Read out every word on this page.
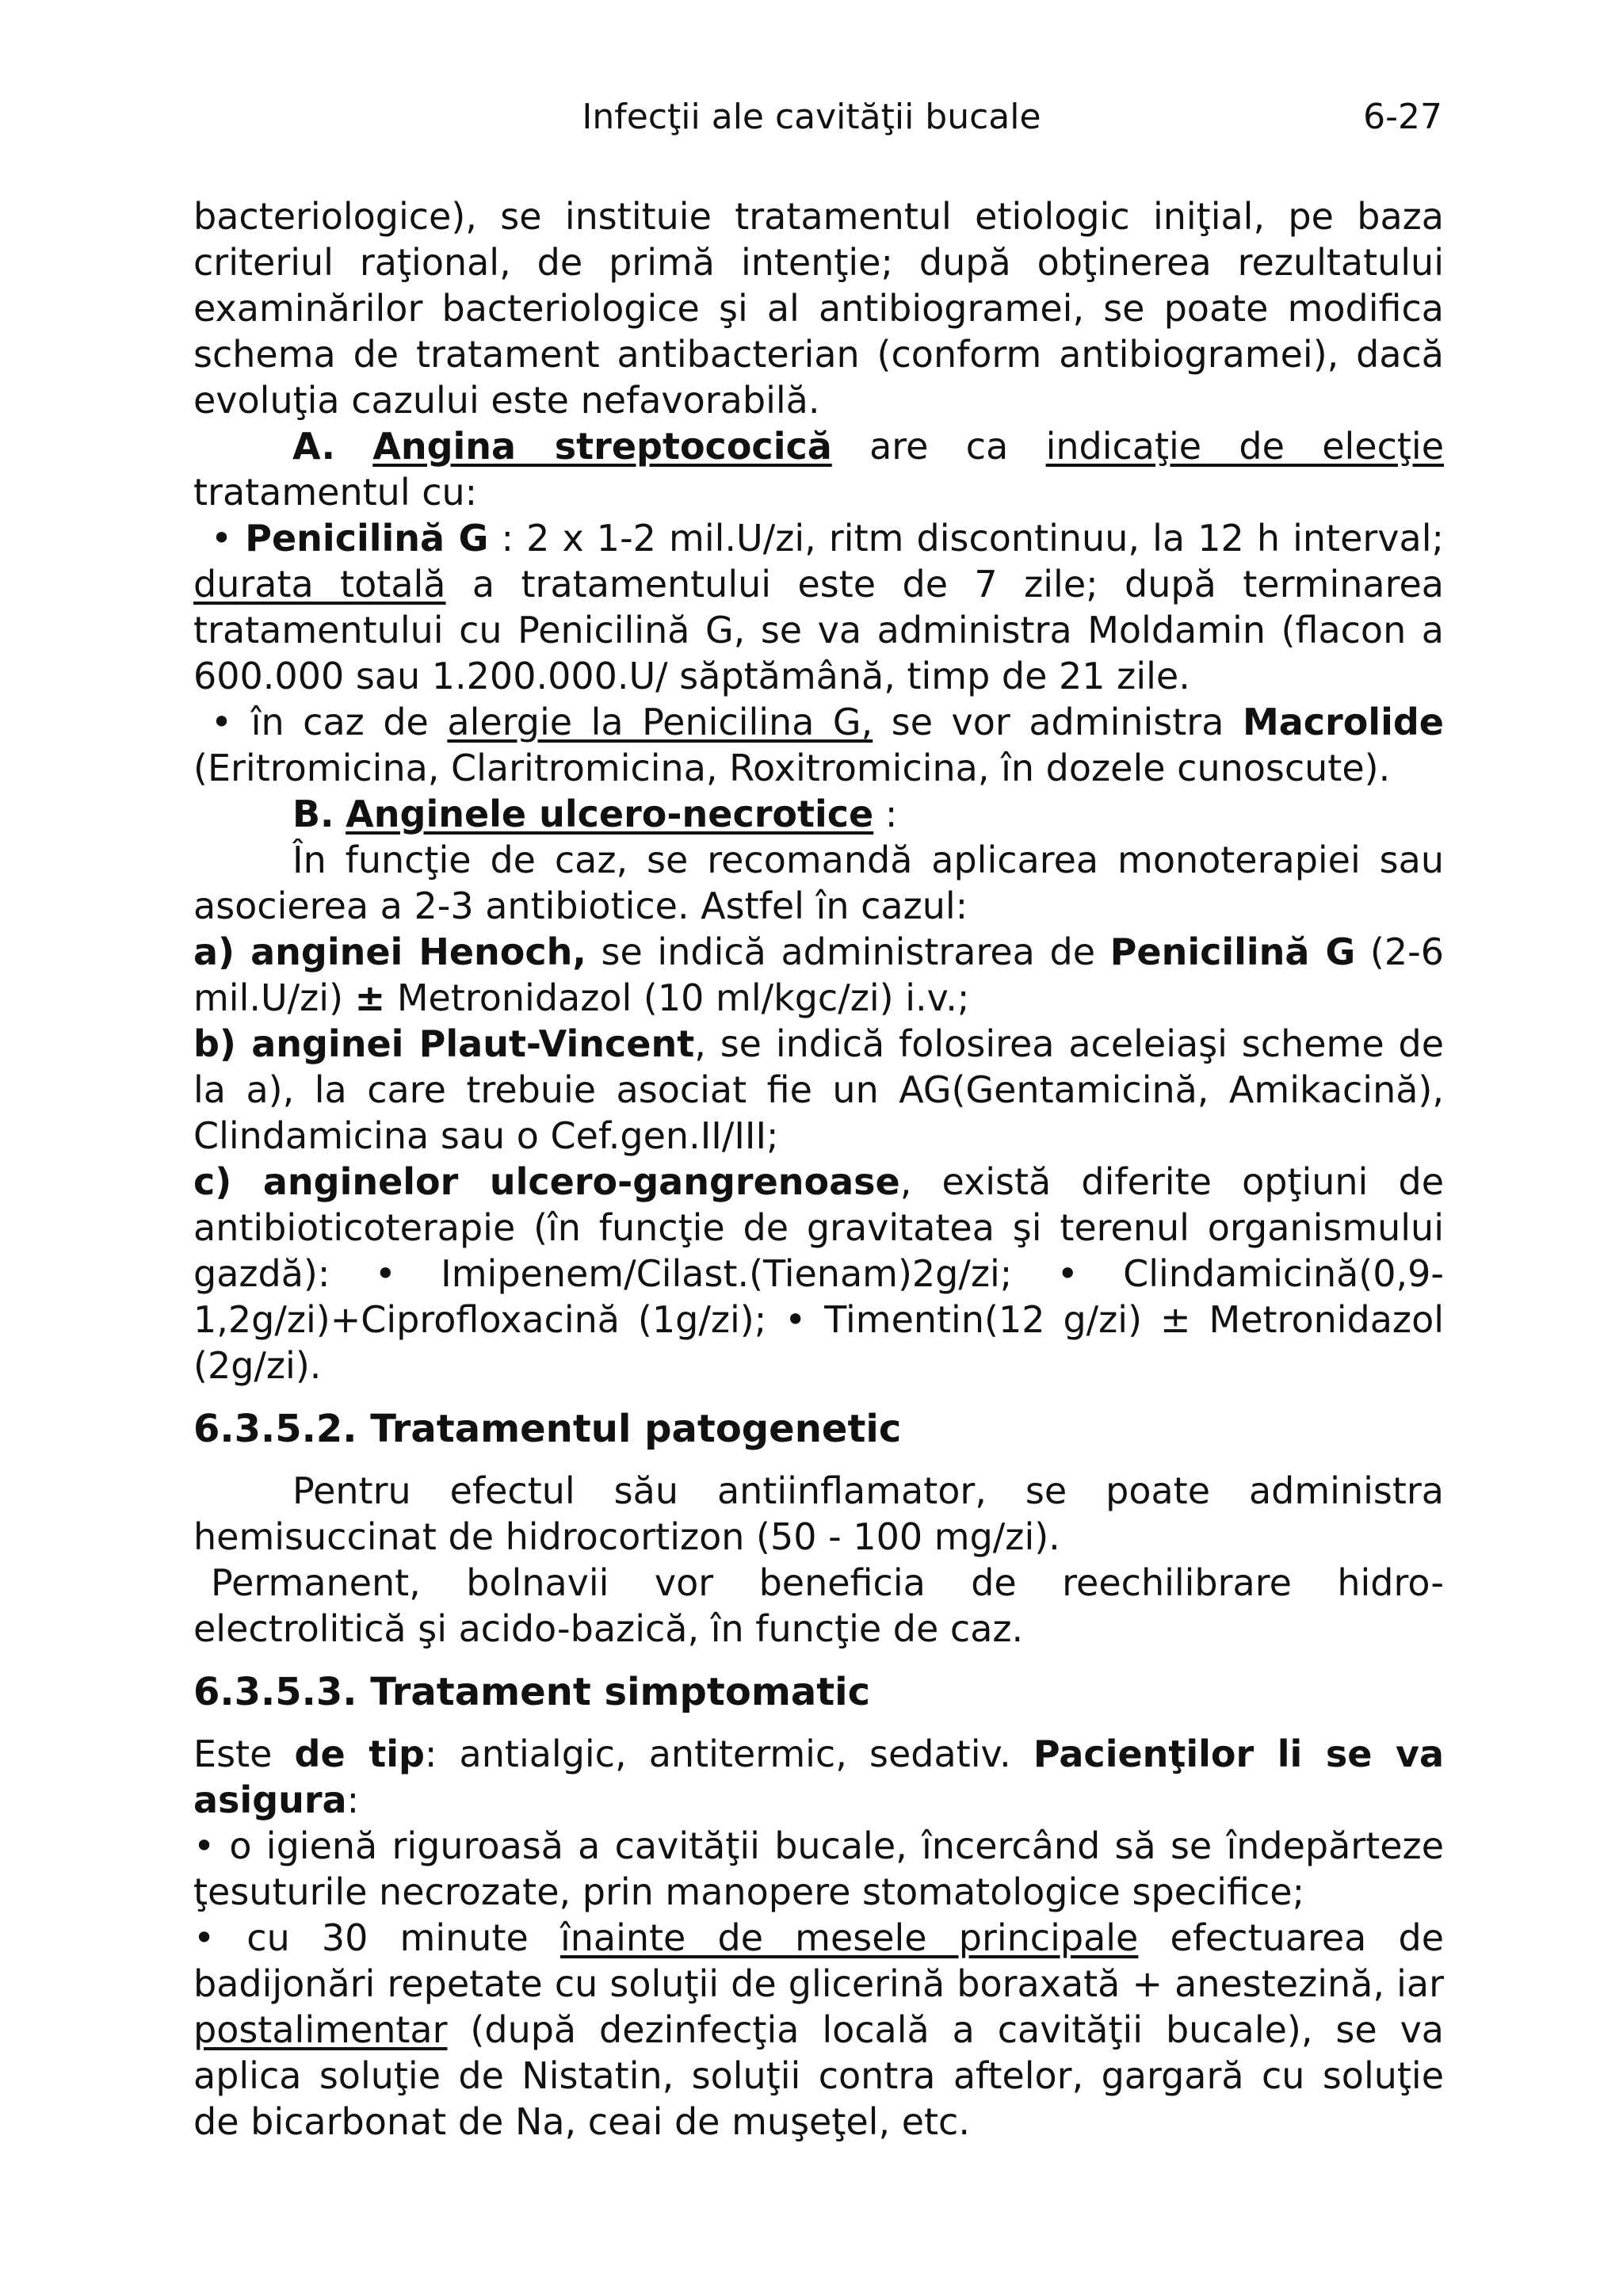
Infecţii ale cavităţii bucale	6-27

bacteriologice), se instituie tratamentul etiologic iniţial, pe baza criteriul raţional, de primă intenţie; după obţinerea rezultatului examinărilor bacteriologice şi al antibiogramei, se poate modifica schema de tratament antibacterian (conform antibiogramei), dacă evoluţia cazului este nefavorabilă.

A. Angina streptococică are ca indicaţie de elecţie tratamentul cu:

• Penicilină G : 2 x 1-2 mil.U/zi, ritm discontinuu, la 12 h interval; durata totală a tratamentului este de 7 zile; după terminarea tratamentului cu Penicilină G, se va administra Moldamin (flacon a 600.000 sau 1.200.000.U/ săptămână, timp de 21 zile.

• în caz de alergie la Penicilina G, se vor administra Macrolide (Eritromicina, Claritromicina, Roxitromicina, în dozele cunoscute).

B. Anginele ulcero-necrotice :

În funcţie de caz, se recomandă aplicarea monoterapiei sau asocierea a 2-3 antibiotice. Astfel în cazul:

a) anginei Henoch, se indică administrarea de Penicilină G (2-6 mil.U/zi) ± Metronidazol (10 ml/kgc/zi) i.v.;

b) anginei Plaut-Vincent, se indică folosirea aceleiaşi scheme de la a), la care trebuie asociat fie un AG(Gentamicină, Amikacină), Clindamicina sau o Cef.gen.II/III;

c) anginelor ulcero-gangrenoase, există diferite opţiuni de antibioticoterapie (în funcţie de gravitatea şi terenul organismului gazdă): • Imipenem/Cilast.(Tienam)2g/zi; • Clindamicină(0,9-1,2g/zi)+Ciprofloxacină (1g/zi); • Timentin(12 g/zi) ± Metronidazol (2g/zi).

6.3.5.2. Tratamentul patogenetic

Pentru efectul său antiinflamator, se poate administra hemisuccinat de hidrocortizon (50 - 100 mg/zi).

Permanent, bolnavii vor beneficia de reechilibrare hidro-electrolitică şi acido-bazică, în funcţie de caz.

6.3.5.3. Tratament simptomatic

Este de tip: antialgic, antitermic, sedativ. Pacienţilor li se va asigura:

• o igienă riguroasă a cavităţii bucale, încercând să se îndepărteze ţesuturile necrozate, prin manopere stomatologice specifice;

• cu 30 minute înainte de mesele principale efectuarea de badijonări repetate cu soluţii de glicerină boraxată + anestezină, iar postalimentar (după dezinfecţia locală a cavităţii bucale), se va aplica soluţie de Nistatin, soluţii contra aftelor, gargară cu soluţie de bicarbonat de Na, ceai de muşeţel, etc.
